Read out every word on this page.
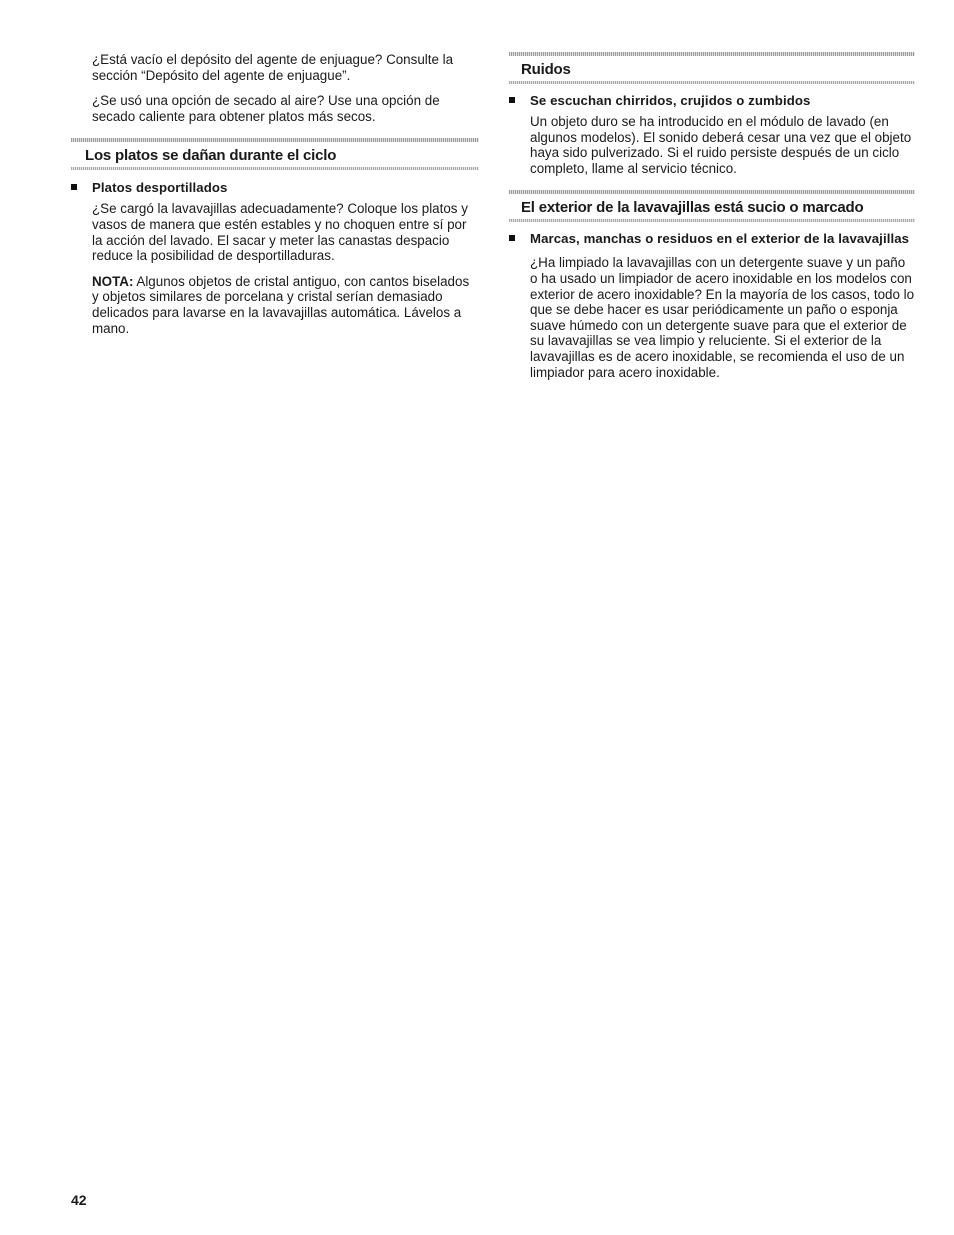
¿Está vacío el depósito del agente de enjuague? Consulte la sección “Depósito del agente de enjuague”.

¿Se usó una opción de secado al aire? Use una opción de secado caliente para obtener platos más secos.

Los platos se dañan durante el ciclo
Platos desportillados

¿Se cargó la lavavajillas adecuadamente? Coloque los platos y vasos de manera que estén estables y no choquen entre sí por la acción del lavado. El sacar y meter las canastas despacio reduce la posibilidad de desportilladuras.

NOTA: Algunos objetos de cristal antiguo, con cantos biselados y objetos similares de porcelana y cristal serían demasiado delicados para lavarse en la lavavajillas automática. Lávelos a mano.

Ruidos
Se escuchan chirridos, crujidos o zumbidos

Un objeto duro se ha introducido en el módulo de lavado (en algunos modelos). El sonido deberá cesar una vez que el objeto haya sido pulverizado. Si el ruido persiste después de un ciclo completo, llame al servicio técnico.

El exterior de la lavavajillas está sucio o marcado
Marcas, manchas o residuos en el exterior de la lavavajillas

¿Ha limpiado la lavavajillas con un detergente suave y un paño o ha usado un limpiador de acero inoxidable en los modelos con exterior de acero inoxidable? En la mayoría de los casos, todo lo que se debe hacer es usar periódicamente un paño o esponja suave húmedo con un detergente suave para que el exterior de su lavavajillas se vea limpio y reluciente. Si el exterior de la lavavajillas es de acero inoxidable, se recomienda el uso de un limpiador para acero inoxidable.

42
